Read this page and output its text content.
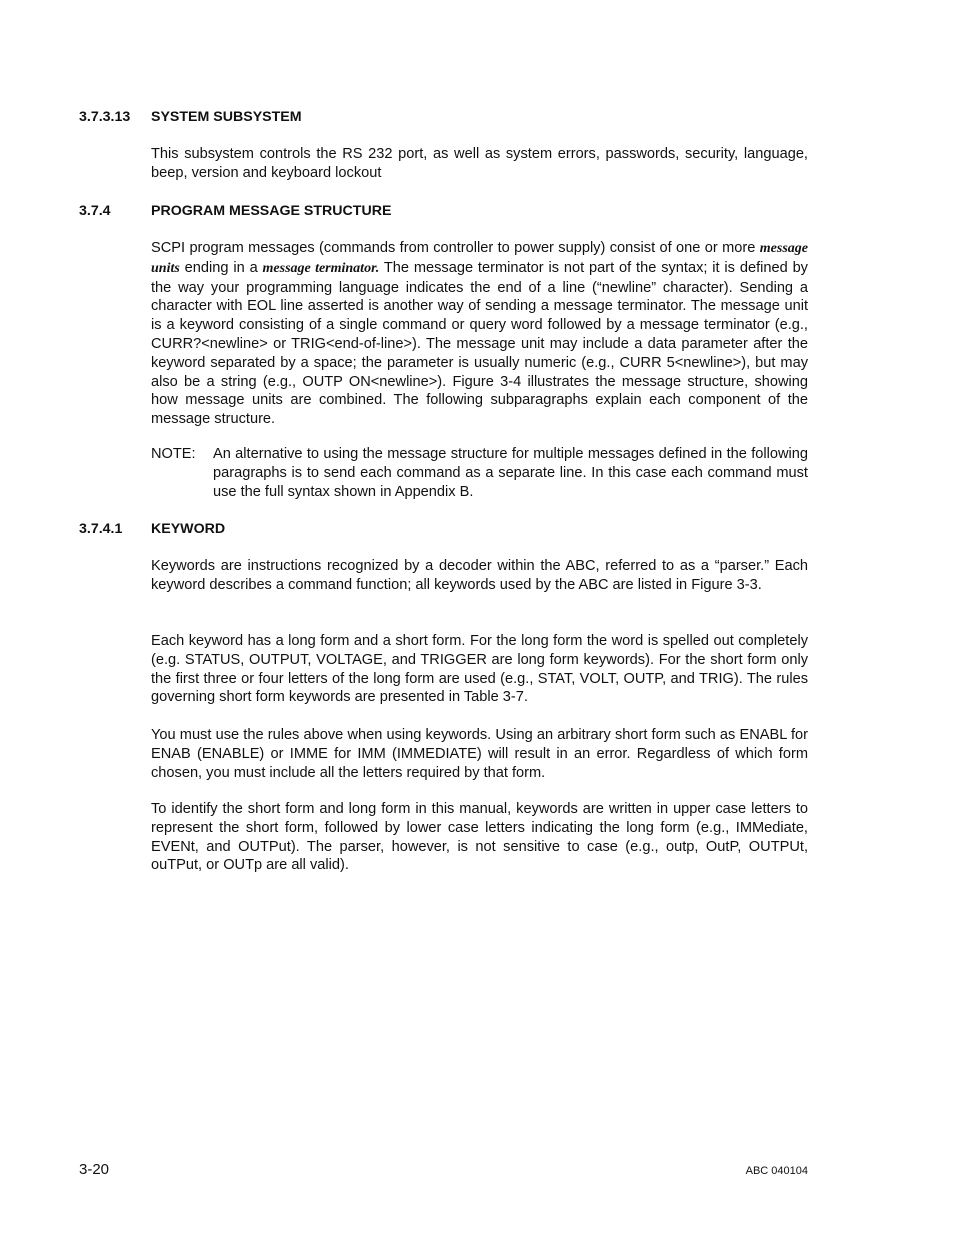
3.7.3.13 SYSTEM SUBSYSTEM

This subsystem controls the RS 232 port, as well as system errors, passwords, security, language, beep, version and keyboard lockout

3.7.4	PROGRAM MESSAGE STRUCTURE

SCPI program messages (commands from controller to power supply) consist of one or more message units ending in a message terminator. The message terminator is not part of the syntax; it is defined by the way your programming language indicates the end of a line (“newline” character). Sending a character with EOL line asserted is another way of sending a message terminator. The message unit is a keyword consisting of a single command or query word followed by a message terminator (e.g., CURR?<newline> or TRIG<end-of-line>). The message unit may include a data parameter after the keyword separated by a space; the parameter is usually numeric (e.g., CURR 5<newline>), but may also be a string (e.g., OUTP ON<newline>). Figure 3-4 illustrates the message structure, showing how message units are combined. The following subparagraphs explain each component of the message structure.

NOTE: An alternative to using the message structure for multiple messages defined in the following paragraphs is to send each command as a separate line. In this case each command must use the full syntax shown in Appendix B.
3.7.4.1 KEYWORD

Keywords are instructions recognized by a decoder within the ABC, referred to as a “parser.” Each keyword describes a command function; all keywords used by the ABC are listed in Figure 3-3.

Each keyword has a long form and a short form. For the long form the word is spelled out completely (e.g. STATUS, OUTPUT, VOLTAGE, and TRIGGER are long form keywords). For the short form only the first three or four letters of the long form are used (e.g., STAT, VOLT, OUTP, and TRIG). The rules governing short form keywords are presented in Table 3-7.

You must use the rules above when using keywords. Using an arbitrary short form such as ENABL for ENAB (ENABLE) or IMME for IMM (IMMEDIATE) will result in an error. Regardless of which form chosen, you must include all the letters required by that form.

To identify the short form and long form in this manual, keywords are written in upper case letters to represent the short form, followed by lower case letters indicating the long form (e.g., IMMediate, EVENt, and OUTPut). The parser, however, is not sensitive to case (e.g., outp, OutP, OUTPUt, ouTPut, or OUTp are all valid).

3-20	ABC 040104
